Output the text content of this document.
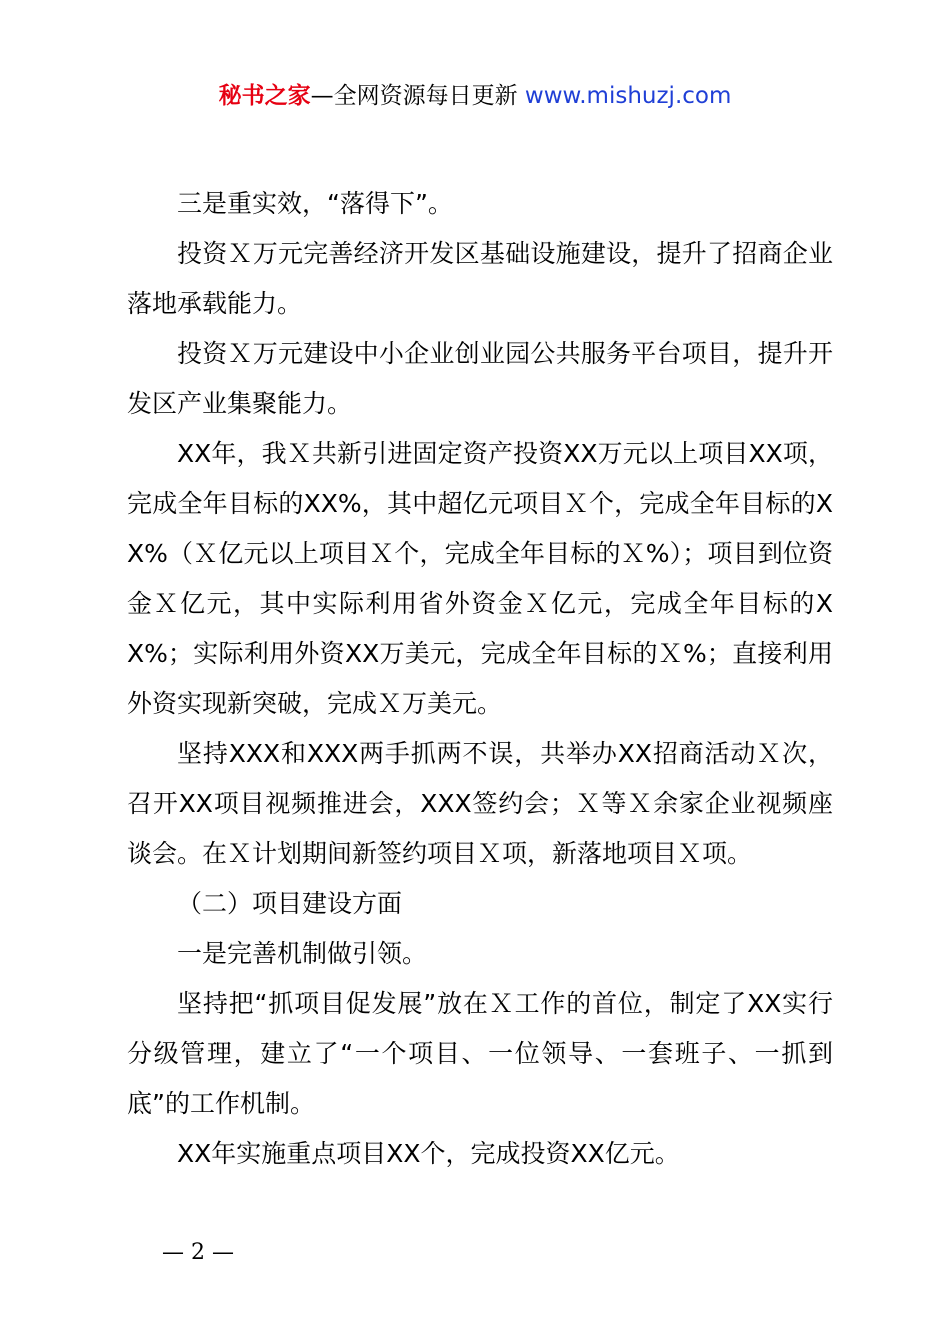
秘书之家—全网资源每日更新 www.mishuzj.com

三是重实效，“落得下”。

投资Ｘ万元完善经济开发区基础设施建设，提升了招商企业落地承载能力。

投资Ｘ万元建设中小企业创业园公共服务平台项目，提升开发区产业集聚能力。

XX年，我Ｘ共新引进固定资产投资XX万元以上项目XX项，完成全年目标的XX%，其中超亿元项目Ｘ个，完成全年目标的XX%（Ｘ亿元以上项目Ｘ个，完成全年目标的Ｘ%）；项目到位资金Ｘ亿元，其中实际利用省外资金Ｘ亿元，完成全年目标的XX%；实际利用外资XX万美元，完成全年目标的Ｘ%；直接利用外资实现新突破，完成Ｘ万美元。

坚持XXX和XXX两手抓两不误，共举办XX招商活动Ｘ次，召开XX项目视频推进会，XXX签约会；Ｘ等Ｘ余家企业视频座谈会。在Ｘ计划期间新签约项目Ｘ项，新落地项目Ｘ项。

（二）项目建设方面

一是完善机制做引领。

坚持把“抓项目促发展”放在Ｘ工作的首位，制定了XX实行分级管理，建立了“一个项目、一位领导、一套班子、一抓到底”的工作机制。

XX年实施重点项目XX个，完成投资XX亿元。

— 2 —
